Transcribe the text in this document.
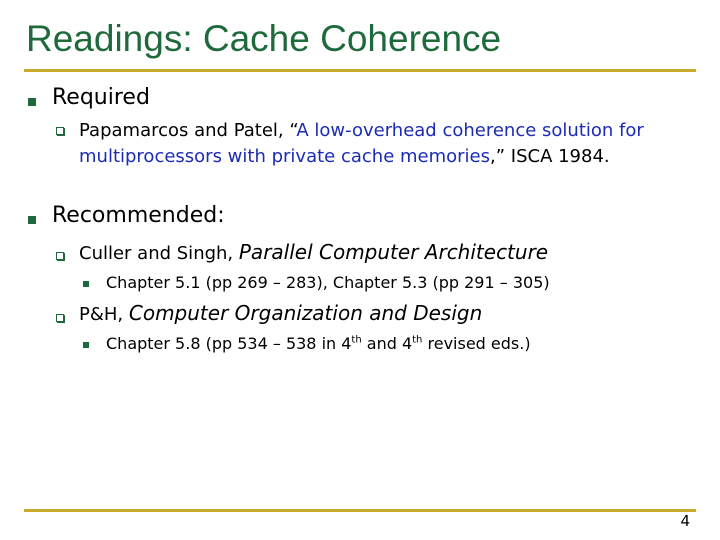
Readings: Cache Coherence
Required
Papamarcos and Patel, “A low-overhead coherence solution for
multiprocessors with private cache memories,” ISCA 1984.
Recommended:
Culler and Singh, Parallel Computer Architecture
Chapter 5.1 (pp 269 – 283), Chapter 5.3 (pp 291 – 305)
P&H, Computer Organization and Design
Chapter 5.8 (pp 534 – 538 in 4th and 4th revised eds.)
4
